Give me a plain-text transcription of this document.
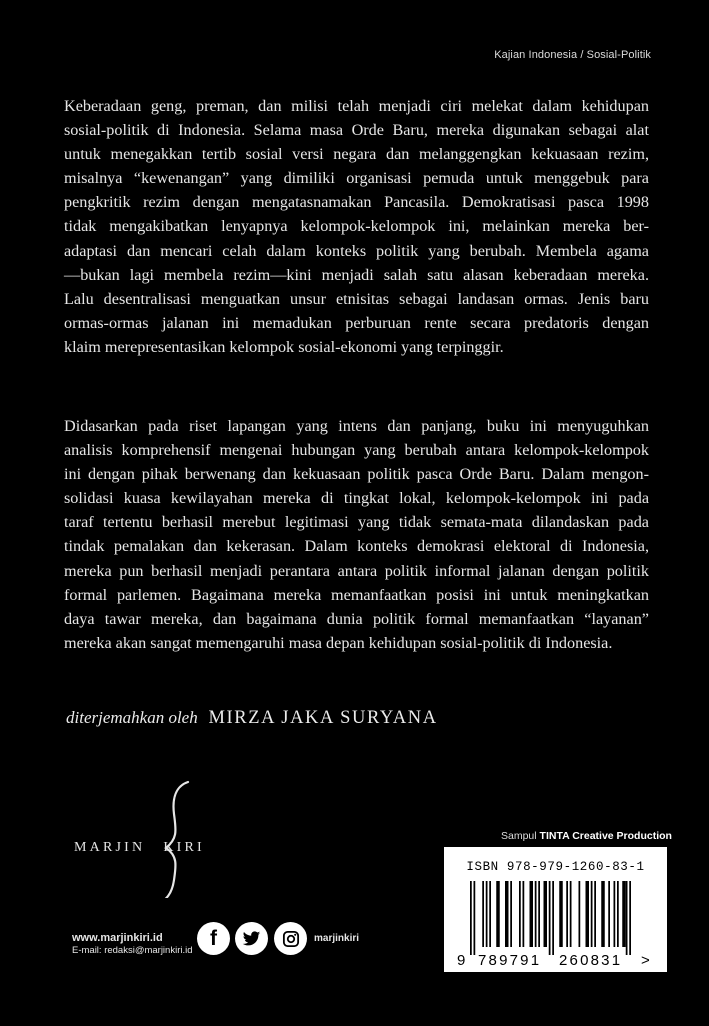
Kajian Indonesia / Sosial-Politik
Keberadaan geng, preman, dan milisi telah menjadi ciri melekat dalam kehidupan
sosial-politik di Indonesia. Selama masa Orde Baru, mereka digunakan sebagai alat
untuk menegakkan tertib sosial versi negara dan melanggengkan kekuasaan rezim,
misalnya “kewenangan” yang dimiliki organisasi pemuda untuk menggebuk para
pengkritik rezim dengan mengatasnamakan Pancasila. Demokratisasi pasca 1998
tidak mengakibatkan lenyapnya kelompok-kelompok ini, melainkan mereka ber-
adaptasi dan mencari celah dalam konteks politik yang berubah. Membela agama
—bukan lagi membela rezim—kini menjadi salah satu alasan keberadaan mereka.
Lalu desentralisasi menguatkan unsur etnisitas sebagai landasan ormas. Jenis baru
ormas-ormas jalanan ini memadukan perburuan rente secara predatoris dengan
klaim merepresentasikan kelompok sosial-ekonomi yang terpinggir.
Didasarkan pada riset lapangan yang intens dan panjang, buku ini menyuguhkan
analisis komprehensif mengenai hubungan yang berubah antara kelompok-kelompok
ini dengan pihak berwenang dan kekuasaan politik pasca Orde Baru. Dalam mengon-
solidasi kuasa kewilayahan mereka di tingkat lokal, kelompok-kelompok ini pada
taraf tertentu berhasil merebut legitimasi yang tidak semata-mata dilandaskan pada
tindak pemalakan dan kekerasan. Dalam konteks demokrasi elektoral di Indonesia,
mereka pun berhasil menjadi perantara antara politik informal jalanan dengan politik
formal parlemen. Bagaimana mereka memanfaatkan posisi ini untuk meningkatkan
daya tawar mereka, dan bagaimana dunia politik formal memanfaatkan “layanan”
mereka akan sangat memengaruhi masa depan kehidupan sosial-politik di Indonesia.
diterjemahkan oleh MIRZA JAKA SURYANA
MARJIN KIRI
Sampul TINTA Creative Production
ISBN 978-979-1260-83-1
9 789791 260831 >
www.marjinkiri.id
E-mail: redaksi@marjinkiri.id
f	marjinkiri
